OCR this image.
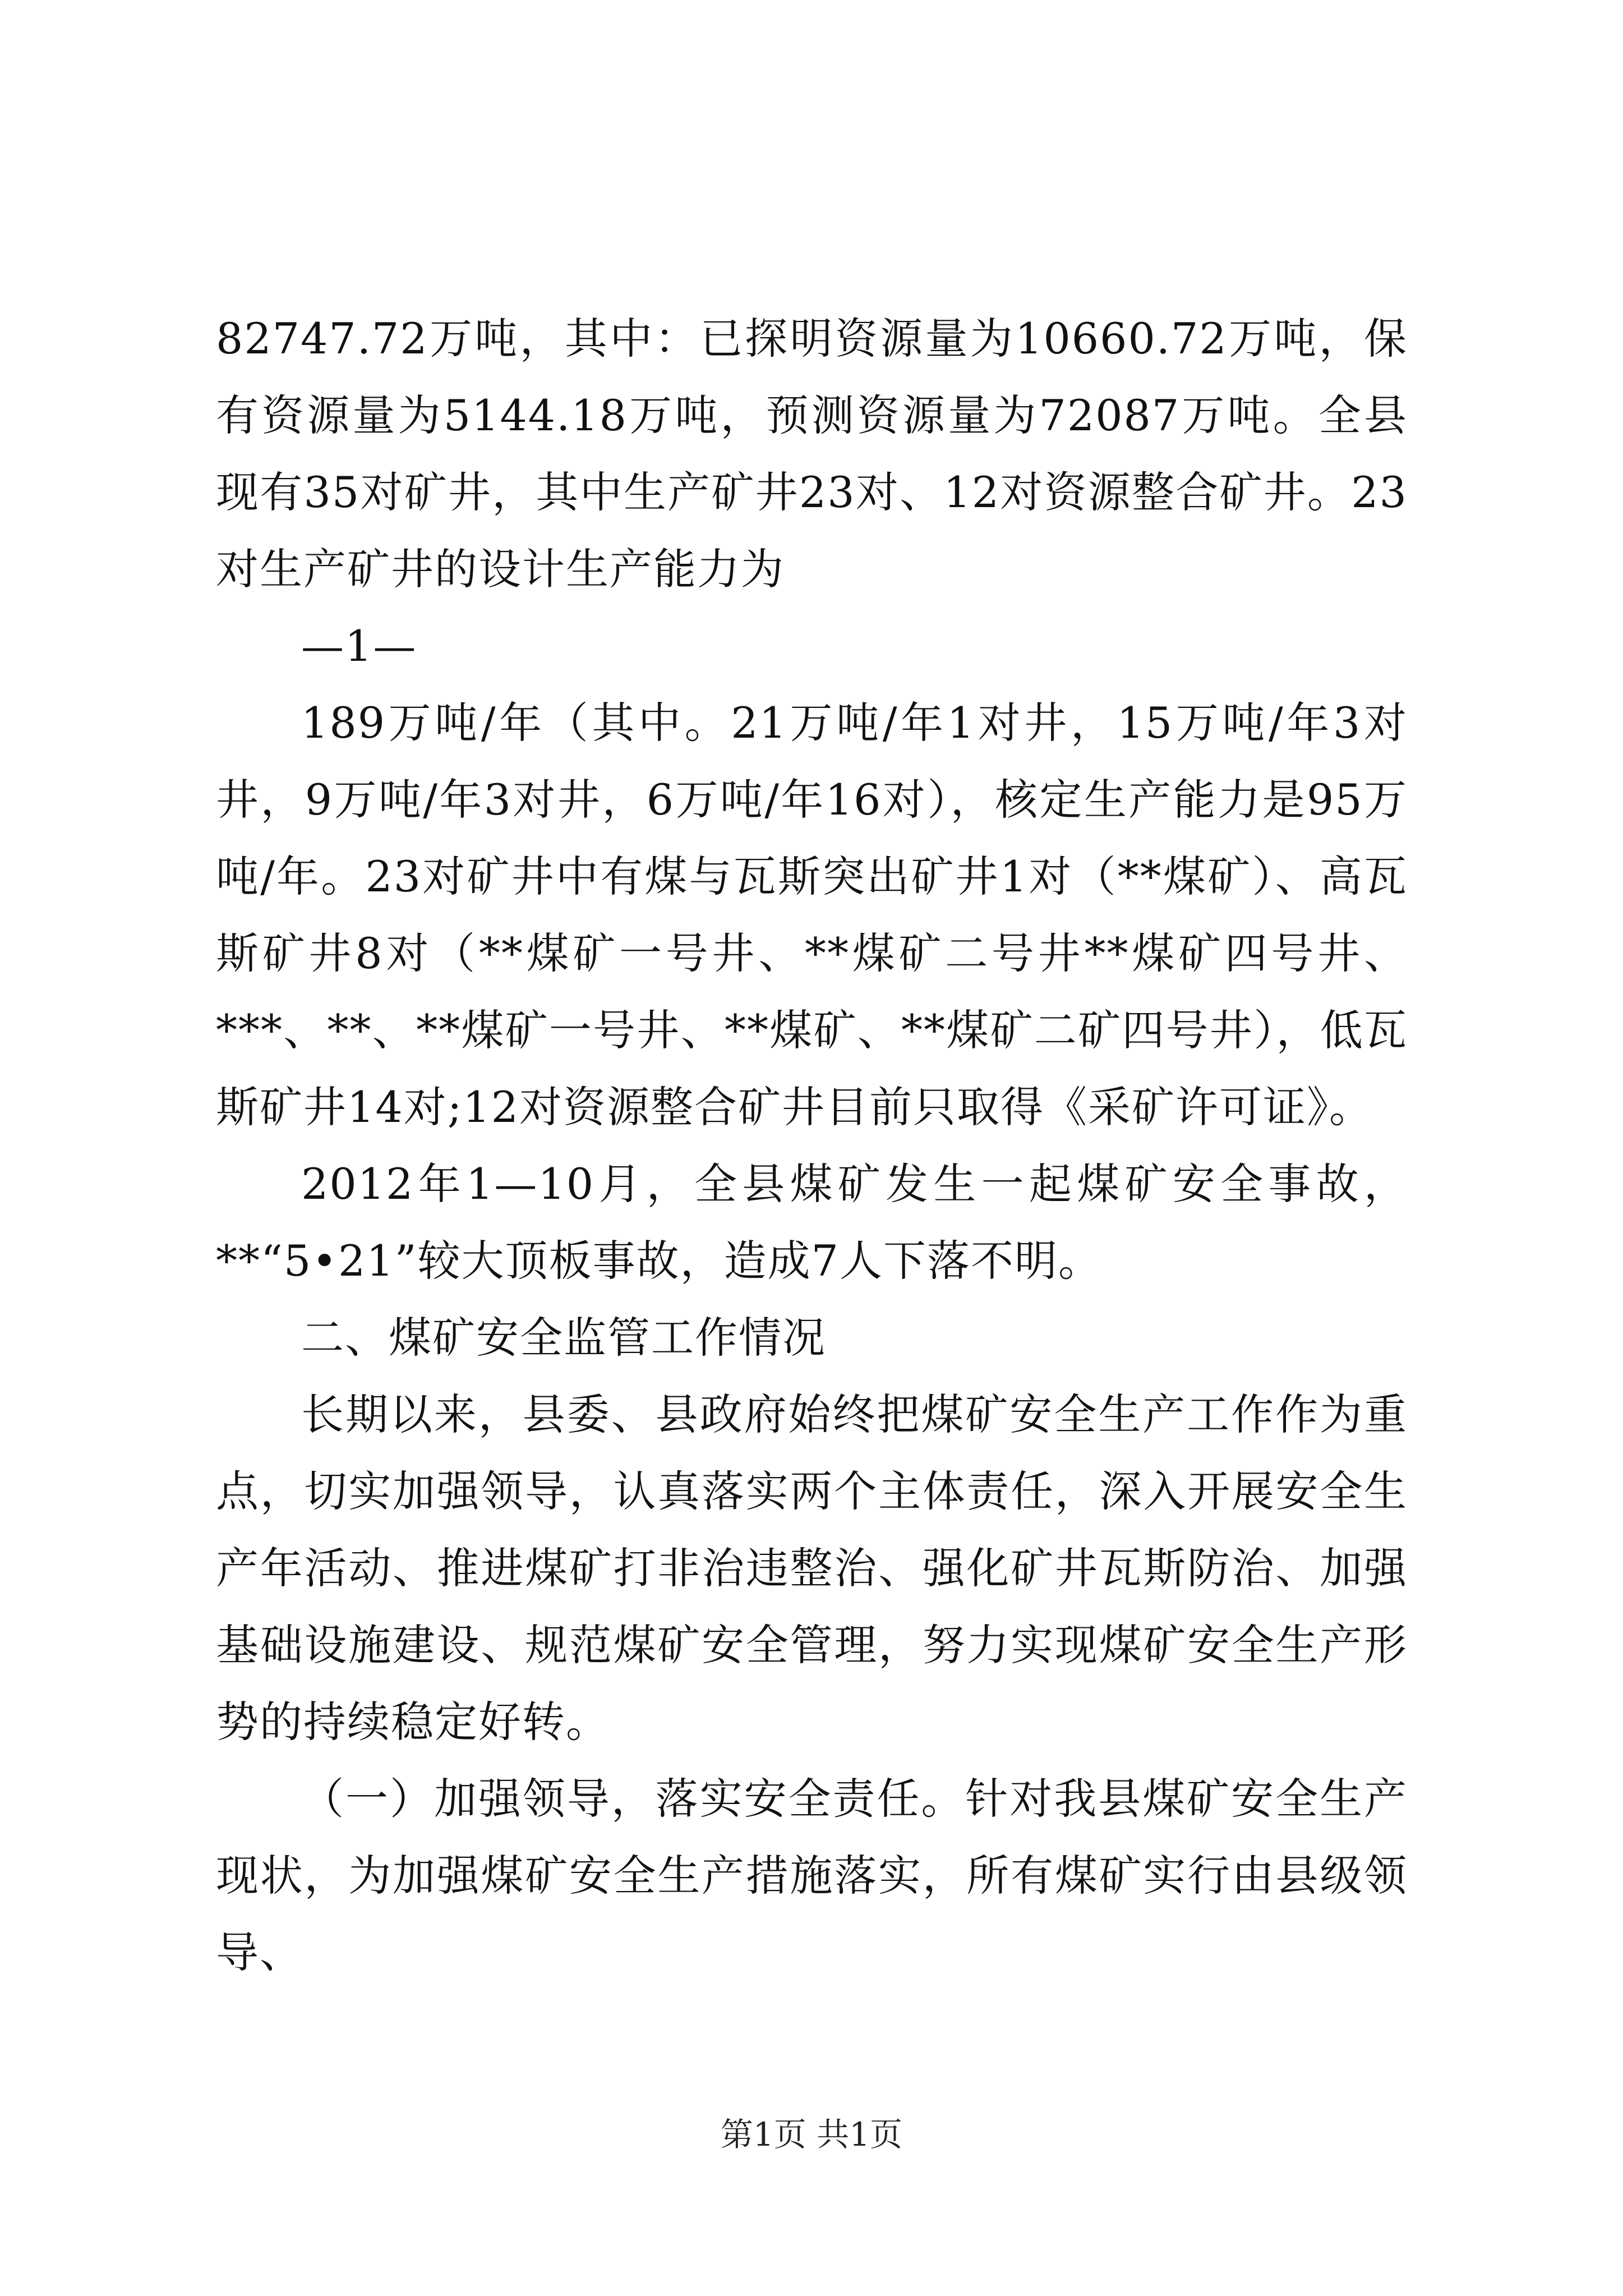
82747.72万吨，其中：已探明资源量为10660.72万吨，保有资源量为5144.18万吨，预测资源量为72087万吨。全县现有35对矿井，其中生产矿井23对、12对资源整合矿井。23对生产矿井的设计生产能力为

—1—

189万吨/年（其中。21万吨/年1对井，15万吨/年3对井，9万吨/年3对井，6万吨/年16对），核定生产能力是95万吨/年。23对矿井中有煤与瓦斯突出矿井1对（**煤矿）、高瓦斯矿井8对（**煤矿一号井、**煤矿二号井**煤矿四号井、***、**、**煤矿一号井、**煤矿、**煤矿二矿四号井），低瓦斯矿井14对;12对资源整合矿井目前只取得《采矿许可证》。

2012年1—10月，全县煤矿发生一起煤矿安全事故，**“5•21”较大顶板事故，造成7人下落不明。

二、煤矿安全监管工作情况

长期以来，县委、县政府始终把煤矿安全生产工作作为重点，切实加强领导，认真落实两个主体责任，深入开展安全生产年活动、推进煤矿打非治违整治、强化矿井瓦斯防治、加强基础设施建设、规范煤矿安全管理，努力实现煤矿安全生产形势的持续稳定好转。

（一）加强领导，落实安全责任。针对我县煤矿安全生产现状，为加强煤矿安全生产措施落实，所有煤矿实行由县级领导、

第1页 共1页
